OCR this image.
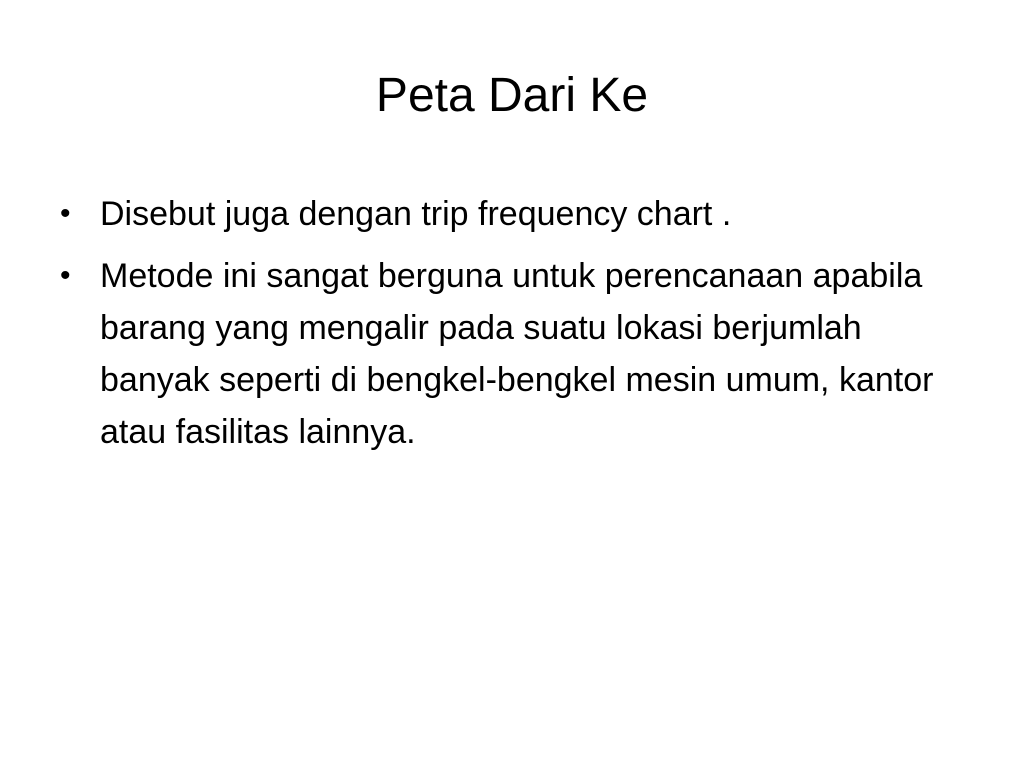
Peta Dari Ke
• Disebut juga dengan trip frequency chart .
• Metode ini sangat berguna untuk perencanaan apabila barang yang mengalir pada suatu lokasi berjumlah banyak seperti di bengkel-bengkel mesin umum, kantor atau fasilitas lainnya.
